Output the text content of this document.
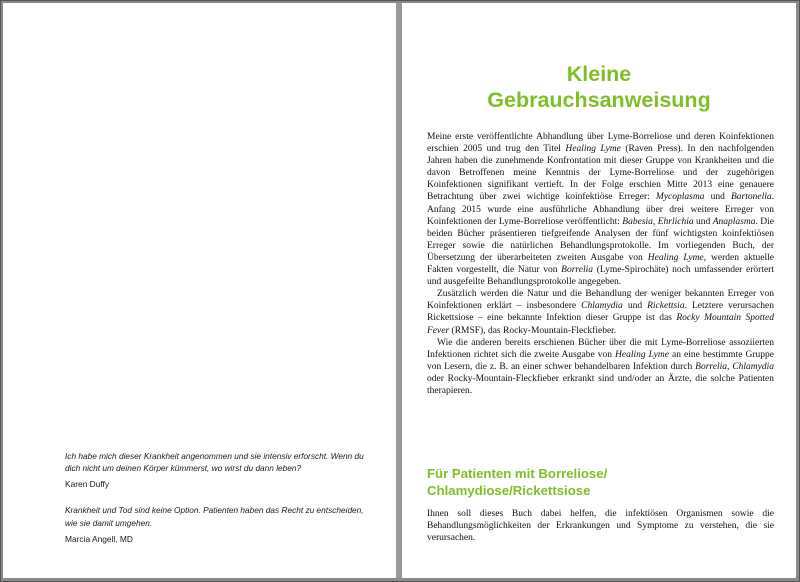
Ich habe mich dieser Krankheit angenommen und sie intensiv erforscht. Wenn du dich nicht um deinen Körper kümmerst, wo wirst du dann leben?

Karen Duffy

Krankheit und Tod sind keine Option. Patienten haben das Recht zu entscheiden, wie sie damit umgehen.

Marcia Angell, MD

Kleine
Gebrauchsanweisung

Meine erste veröffentlichte Abhandlung über Lyme-Borreliose und deren Koinfektionen erschien 2005 und trug den Titel Healing Lyme (Raven Press). In den nachfolgenden Jahren haben die zunehmende Konfrontation mit dieser Gruppe von Krankheiten und die davon Betroffenen meine Kenntnis der Lyme-Borreliose und der zugehörigen Koinfektionen signifikant vertieft. In der Folge erschien Mitte 2013 eine genauere Betrachtung über zwei wichtige koinfektiöse Erreger: Mycoplasma und Bartonella. Anfang 2015 wurde eine ausführliche Abhandlung über drei weitere Erreger von Koinfektionen der Lyme-Borreliose veröffentlicht: Babesia, Ehrlichia und Anaplasma. Die beiden Bücher präsentieren tiefgreifende Analysen der fünf wichtigsten koinfektiösen Erreger sowie die natürlichen Behandlungsprotokolle. Im vorliegenden Buch, der Übersetzung der überarbeiteten zweiten Ausgabe von Healing Lyme, werden aktuelle Fakten vorgestellt, die Natur von Borrelia (Lyme-Spirochäte) noch umfassender erörtert und ausgefeilte Behandlungsprotokolle angegeben.

Zusätzlich werden die Natur und die Behandlung der weniger bekannten Erreger von Koinfektionen erklärt – insbesondere Chlamydia und Rickettsia. Letztere verursachen Rickettsiose – eine bekannte Infektion dieser Gruppe ist das Rocky Mountain Spotted Fever (RMSF), das Rocky-Mountain-Fleckfieber.

Wie die anderen bereits erschienen Bücher über die mit Lyme-Borreliose assoziierten Infektionen richtet sich die zweite Ausgabe von Healing Lyme an eine bestimmte Gruppe von Lesern, die z. B. an einer schwer behandelbaren Infektion durch Borrelia, Chlamydia oder Rocky-Mountain-Fleckfieber erkrankt sind und/oder an Ärzte, die solche Patienten therapieren.

Für Patienten mit Borreliose/
Chlamydiose/Rickettsiose

Ihnen soll dieses Buch dabei helfen, die infektiösen Organismen sowie die Behandlungsmöglichkeiten der Erkrankungen und Symptome zu verstehen, die sie verursachen.
